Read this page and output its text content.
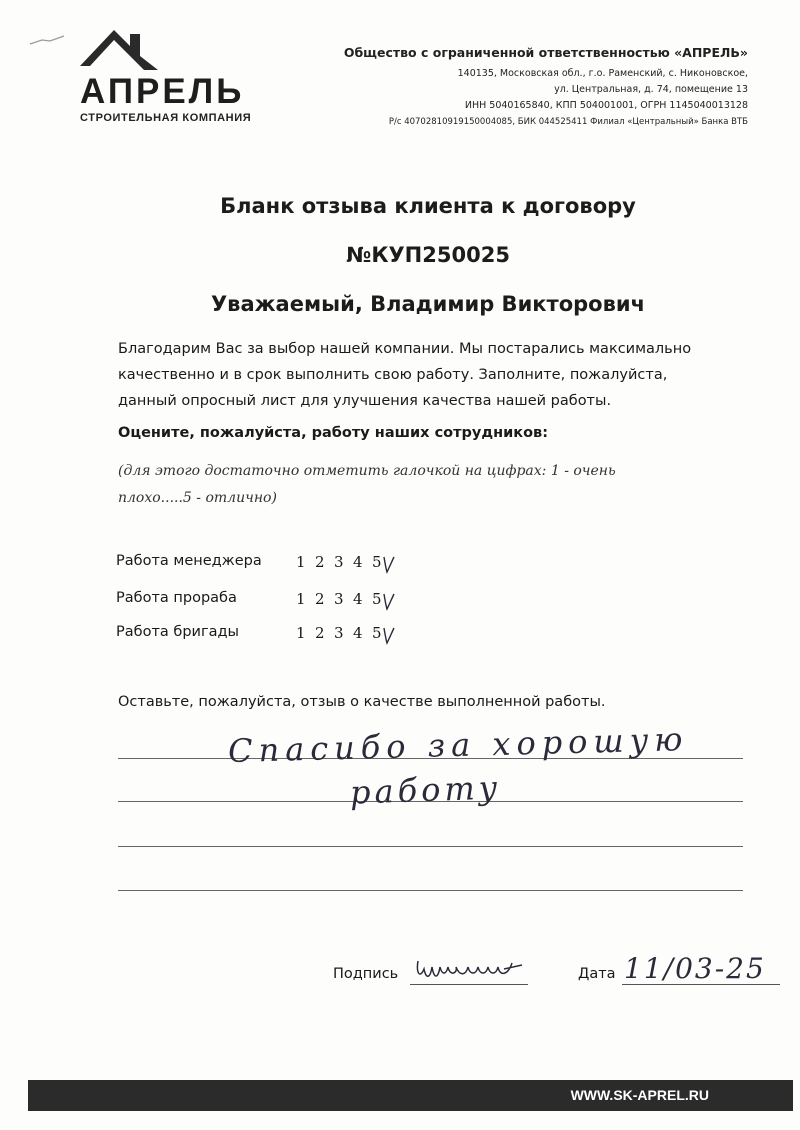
АПРЕЛЬ
СТРОИТЕЛЬНАЯ КОМПАНИЯ
Общество с ограниченной ответственностью «АПРЕЛЬ»
140135, Московская обл., г.о. Раменский, с. Никоновское,
ул. Центральная, д. 74, помещение 13
ИНН 5040165840, КПП 504001001, ОГРН 1145040013128
Р/с 40702810919150004085, БИК 044525411 Филиал «Центральный» Банка ВТБ
Бланк отзыва клиента к договору
№КУП250025
Уважаемый, Владимир Викторович
Благодарим Вас за выбор нашей компании. Мы постарались максимально
качественно и в срок выполнить свою работу. Заполните, пожалуйста,
данный опросный лист для улучшения качества нашей работы.
Оцените, пожалуйста, работу наших сотрудников:
(для этого достаточно отметить галочкой на цифрах: 1 - очень
плохо.....5 - отлично)
Работа менеджера 1 2 3 4 5
Работа прораба	1 2 3 4 5
Работа бригады	1 2 3 4 5
Оставьте, пожалуйста, отзыв о качестве выполненной работы.
Спасибо за хорошую
работу
Подпись	Дата 11/03-25
WWW.SK-APREL.RU
